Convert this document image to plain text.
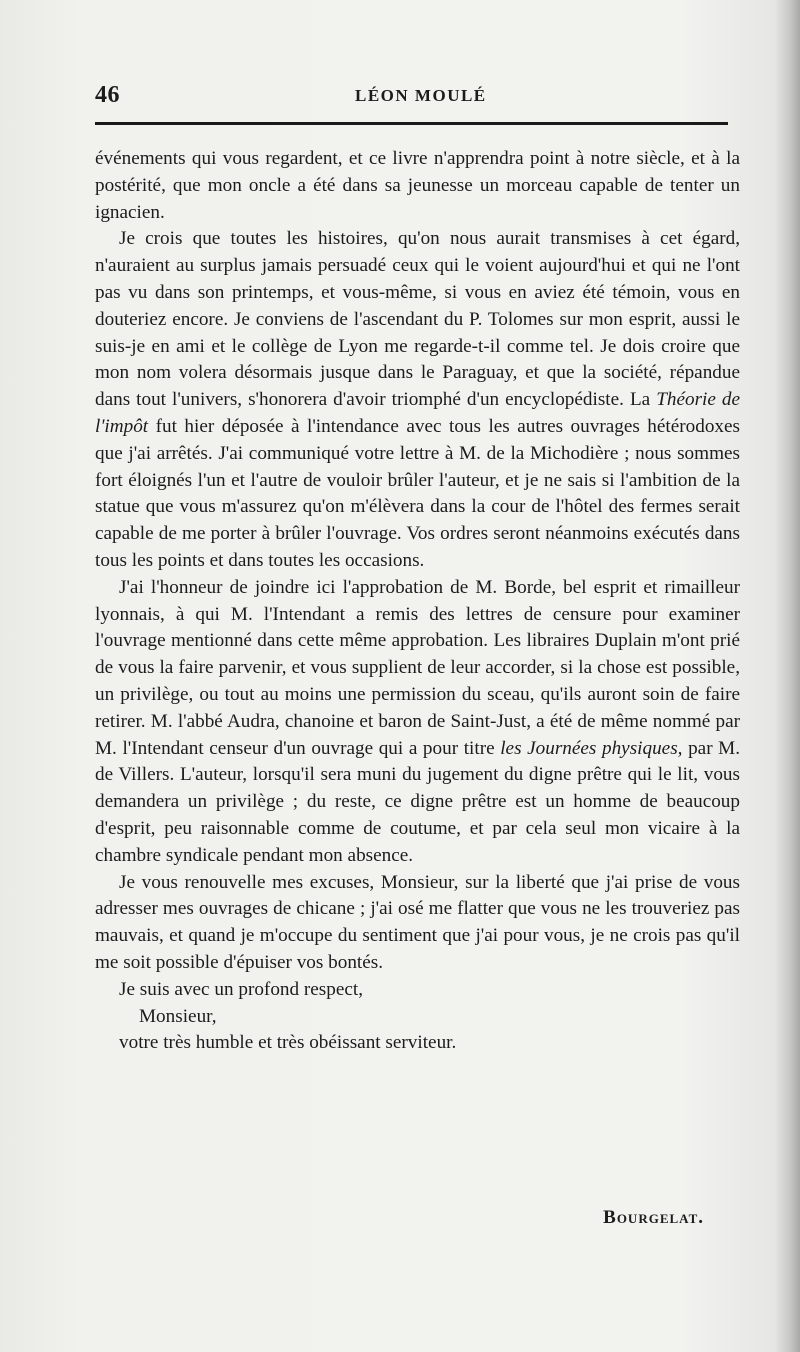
46	LÉON MOULÉ

événements qui vous regardent, et ce livre n'apprendra point à notre siècle, et à la postérité, que mon oncle a été dans sa jeunesse un morceau capable de tenter un ignacien.

Je crois que toutes les histoires, qu'on nous aurait transmises à cet égard, n'auraient au surplus jamais persuadé ceux qui le voient aujourd'hui et qui ne l'ont pas vu dans son printemps, et vous-même, si vous en aviez été témoin, vous en douteriez encore. Je conviens de l'ascendant du P. Tolomes sur mon esprit, aussi le suis-je en ami et le collège de Lyon me regarde-t-il comme tel. Je dois croire que mon nom volera désormais jusque dans le Paraguay, et que la société, répandue dans tout l'univers, s'honorera d'avoir triomphé d'un encyclopédiste. La Théorie de l'impôt fut hier déposée à l'intendance avec tous les autres ouvrages hétérodoxes que j'ai arrêtés. J'ai communiqué votre lettre à M. de la Michodière ; nous sommes fort éloignés l'un et l'autre de vouloir brûler l'auteur, et je ne sais si l'ambition de la statue que vous m'assurez qu'on m'élèvera dans la cour de l'hôtel des fermes serait capable de me porter à brûler l'ouvrage. Vos ordres seront néanmoins exécutés dans tous les points et dans toutes les occasions.

J'ai l'honneur de joindre ici l'approbation de M. Borde, bel esprit et rimailleur lyonnais, à qui M. l'Intendant a remis des lettres de censure pour examiner l'ouvrage mentionné dans cette même approbation. Les libraires Duplain m'ont prié de vous la faire parvenir, et vous supplient de leur accorder, si la chose est possible, un privilège, ou tout au moins une permission du sceau, qu'ils auront soin de faire retirer. M. l'abbé Audra, chanoine et baron de Saint-Just, a été de même nommé par M. l'Intendant censeur d'un ouvrage qui a pour titre les Journées physiques, par M. de Villers. L'auteur, lorsqu'il sera muni du jugement du digne prêtre qui le lit, vous demandera un privilège ; du reste, ce digne prêtre est un homme de beaucoup d'esprit, peu raisonnable comme de coutume, et par cela seul mon vicaire à la chambre syndicale pendant mon absence.

Je vous renouvelle mes excuses, Monsieur, sur la liberté que j'ai prise de vous adresser mes ouvrages de chicane ; j'ai osé me flatter que vous ne les trouveriez pas mauvais, et quand je m'occupe du sentiment que j'ai pour vous, je ne crois pas qu'il me soit possible d'épuiser vos bontés.

Je suis avec un profond respect,

Monsieur,

votre très humble et très obéissant serviteur.

Bourgelat.
